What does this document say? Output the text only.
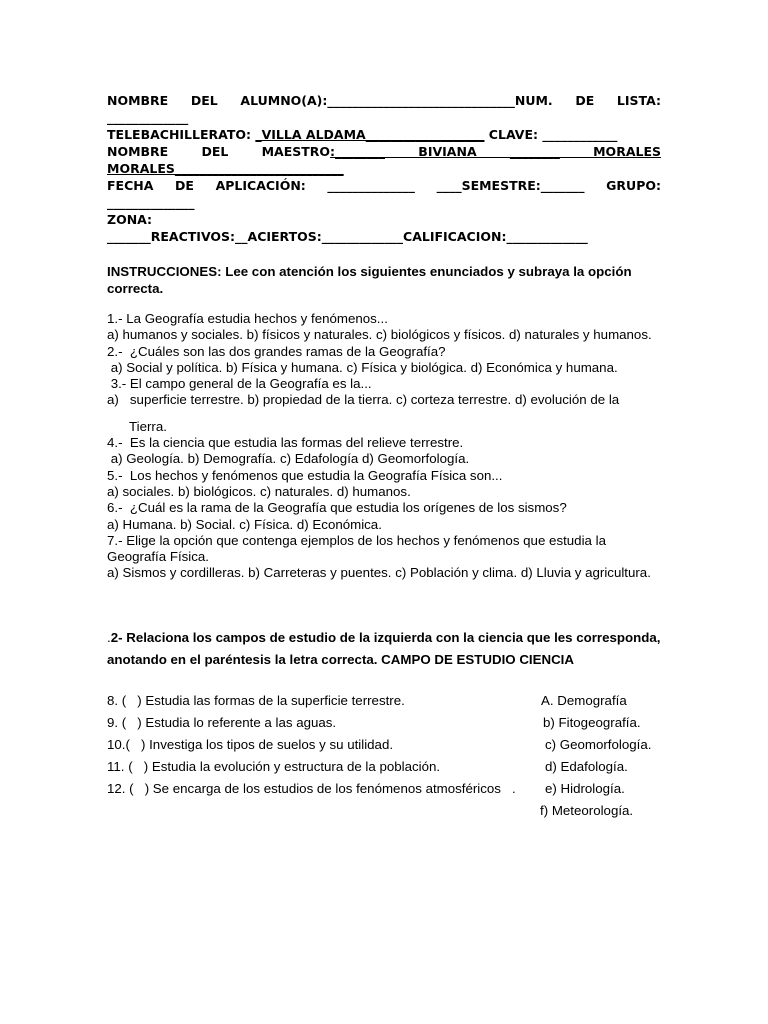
NOMBRE DEL ALUMNO(A):______________________________NUM. DE LISTA: _____________
TELEBACHILLERATO: _VILLA ALDAMA___________________ CLAVE: ____________
NOMBRE DEL MAESTRO:________ BIVIANA ________ MORALES MORALES___________________________
FECHA DE APLICACIÓN: ______________ ____SEMESTRE:_______ GRUPO: ______________
ZONA:
_______REACTIVOS:__ACIERTOS:_____________CALIFICACION:_____________
INSTRUCCIONES: Lee con atención los siguientes enunciados y subraya la opción correcta.
1.- La Geografía estudia hechos y fenómenos...
a) humanos y sociales. b) físicos y naturales. c) biológicos y físicos. d) naturales y humanos.
2.-  ¿Cuáles son las dos grandes ramas de la Geografía?
a) Social y política. b) Física y humana. c) Física y biológica. d) Económica y humana.
3.- El campo general de la Geografía es la...
a)   superficie terrestre. b) propiedad de la tierra. c) corteza terrestre. d) evolución de la
Tierra.
4.-  Es la ciencia que estudia las formas del relieve terrestre.
a) Geología. b) Demografía. c) Edafología d) Geomorfología.
5.-  Los hechos y fenómenos que estudia la Geografía Física son...
a) sociales. b) biológicos. c) naturales. d) humanos.
6.-  ¿Cuál es la rama de la Geografía que estudia los orígenes de los sismos?
a) Humana. b) Social. c) Física. d) Económica.
7.- Elige la opción que contenga ejemplos de los hechos y fenómenos que estudia la Geografía Física.
a) Sismos y cordilleras. b) Carreteras y puentes. c) Población y clima. d) Lluvia y agricultura.
.2- Relaciona los campos de estudio de la izquierda con la ciencia que les corresponda, anotando en el paréntesis la letra correcta. CAMPO DE ESTUDIO CIENCIA
8. (   ) Estudia las formas de la superficie terrestre.	A. Demografía
9. (   ) Estudia lo referente a las aguas.	b) Fitogeografía.
10.(   ) Investiga los tipos de suelos y su utilidad.	c) Geomorfología.
11. (   ) Estudia la evolución y estructura de la población.	d) Edafología.
12. (   ) Se encarga de los estudios de los fenómenos atmosféricos   . e) Hidrología.
f) Meteorología.
